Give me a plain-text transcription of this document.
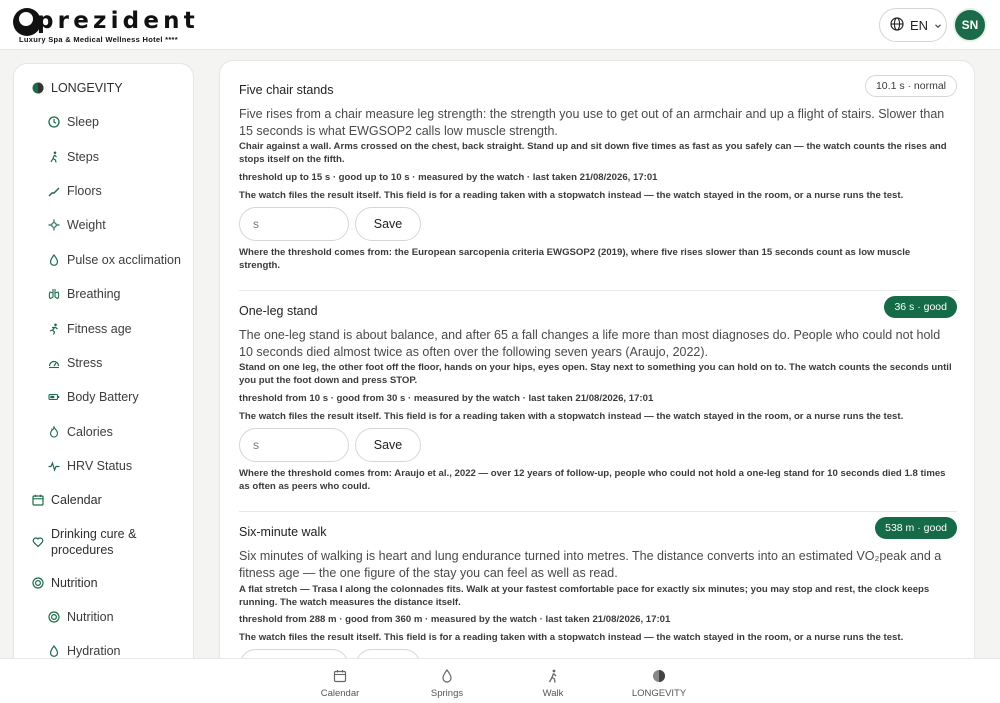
prezident
Luxury Spa & Medical Wellness Hotel ****
EN	SN
LONGEVITY
Sleep
Steps
Floors
Weight
Pulse ox acclimation
Breathing
Fitness age
Stress
Body Battery
Calories
HRV Status
Calendar
Drinking cure & procedures
Nutrition
Nutrition
Hydration
Five chair stands	10.1 s · normal
Five rises from a chair measure leg strength: the strength you use to get out of an armchair and up a flight of stairs. Slower than 15 seconds is what EWGSOP2 calls low muscle strength.
Chair against a wall. Arms crossed on the chest, back straight. Stand up and sit down five times as fast as you safely can — the watch counts the rises and stops itself on the fifth.
threshold up to 15 s · good up to 10 s · measured by the watch · last taken 21/08/2026, 17:01
The watch files the result itself. This field is for a reading taken with a stopwatch instead — the watch stayed in the room, or a nurse runs the test.
s	Save
Where the threshold comes from: the European sarcopenia criteria EWGSOP2 (2019), where five rises slower than 15 seconds count as low muscle strength.
One-leg stand	36 s · good
The one-leg stand is about balance, and after 65 a fall changes a life more than most diagnoses do. People who could not hold 10 seconds died almost twice as often over the following seven years (Araujo, 2022).
Stand on one leg, the other foot off the floor, hands on your hips, eyes open. Stay next to something you can hold on to. The watch counts the seconds until you put the foot down and press STOP.
threshold from 10 s · good from 30 s · measured by the watch · last taken 21/08/2026, 17:01
The watch files the result itself. This field is for a reading taken with a stopwatch instead — the watch stayed in the room, or a nurse runs the test.
s	Save
Where the threshold comes from: Araujo et al., 2022 — over 12 years of follow-up, people who could not hold a one-leg stand for 10 seconds died 1.8 times as often as peers who could.
Six-minute walk	538 m · good
Six minutes of walking is heart and lung endurance turned into metres. The distance converts into an estimated VO₂peak and a fitness age — the one figure of the stay you can feel as well as read.
A flat stretch — Trasa I along the colonnades fits. Walk at your fastest comfortable pace for exactly six minutes; you may stop and rest, the clock keeps running. The watch measures the distance itself.
threshold from 288 m · good from 360 m · measured by the watch · last taken 21/08/2026, 17:01
The watch files the result itself. This field is for a reading taken with a stopwatch instead — the watch stayed in the room, or a nurse runs the test.
Calendar	Springs	Walk	LONGEVITY
